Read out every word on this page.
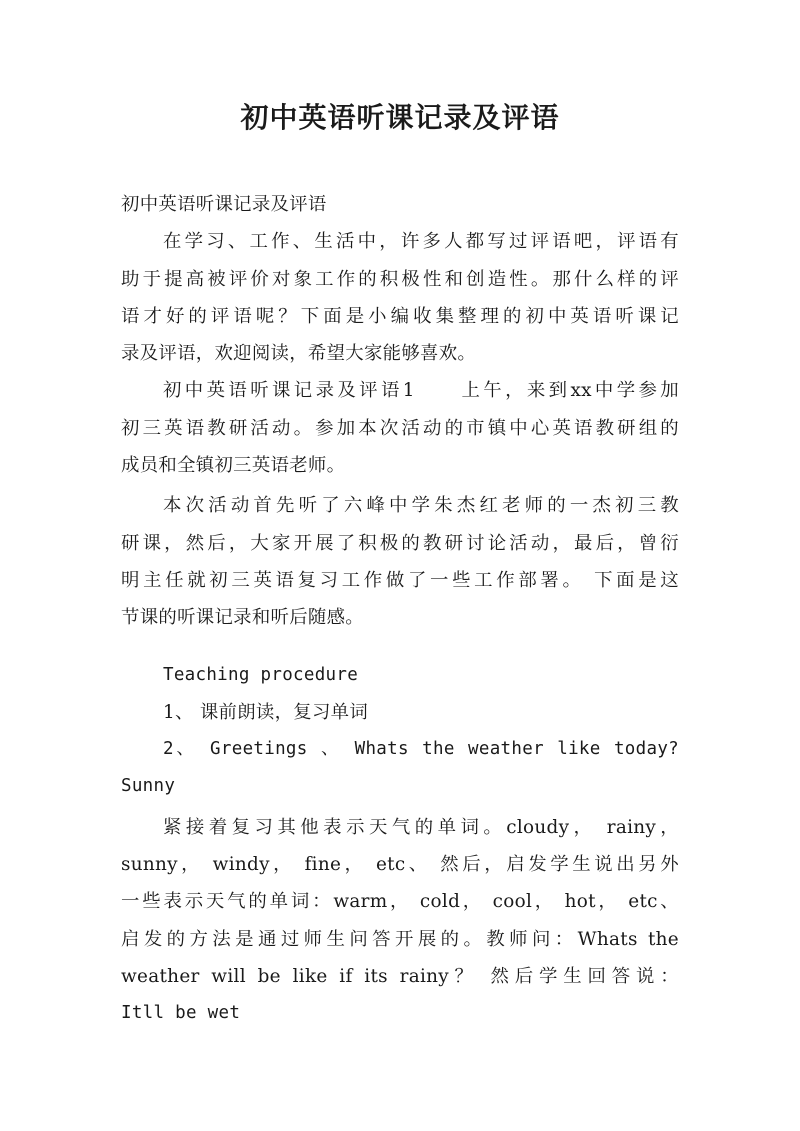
初中英语听课记录及评语
初中英语听课记录及评语
在学习、工作、生活中，许多人都写过评语吧，评语有
助于提高被评价对象工作的积极性和创造性。那什么样的评
语才好的评语呢？下面是小编收集整理的初中英语听课记
录及评语，欢迎阅读，希望大家能够喜欢。
初中英语听课记录及评语1　　上午，来到xx中学参加
初三英语教研活动。参加本次活动的市镇中心英语教研组的
成员和全镇初三英语老师。
本次活动首先听了六峰中学朱杰红老师的一杰初三教
研课，然后，大家开展了积极的教研讨论活动，最后，曾衍
明主任就初三英语复习工作做了一些工作部署。 下面是这
节课的听课记录和听后随感。
Teaching procedure
1、 课前朗读，复习单词
2、 Greetings 、 Whats the weather like today?
Sunny
紧接着复习其他表示天气的单词。cloudy， rainy，
sunny， windy， fine， etc、 然后，启发学生说出另外
一些表示天气的单词：warm， cold， cool， hot， etc、
启发的方法是通过师生问答开展的。教师问：Whats the
weather will be like if its rainy？ 然后学生回答说：
Itll be wet
